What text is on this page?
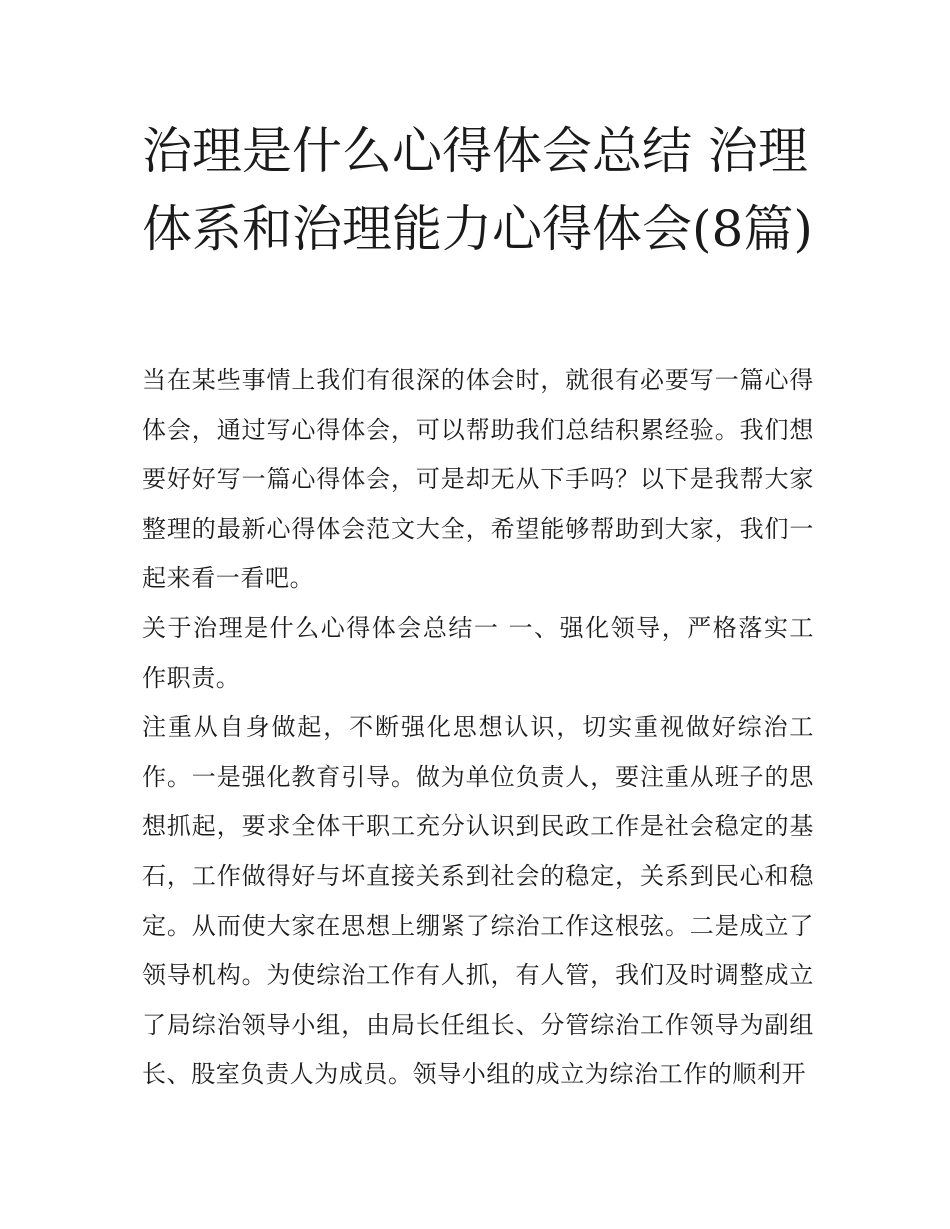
治理是什么心得体会总结 治理体系和治理能力心得体会(8篇)

当在某些事情上我们有很深的体会时，就很有必要写一篇心得体会，通过写心得体会，可以帮助我们总结积累经验。我们想要好好写一篇心得体会，可是却无从下手吗？以下是我帮大家整理的最新心得体会范文大全，希望能够帮助到大家，我们一起来看一看吧。

关于治理是什么心得体会总结一 一、强化领导，严格落实工作职责。

注重从自身做起，不断强化思想认识，切实重视做好综治工作。一是强化教育引导。做为单位负责人，要注重从班子的思想抓起，要求全体干职工充分认识到民政工作是社会稳定的基石，工作做得好与坏直接关系到社会的稳定，关系到民心和稳定。从而使大家在思想上绷紧了综治工作这根弦。二是成立了领导机构。为使综治工作有人抓，有人管，我们及时调整成立了局综治领导小组，由局长任组长、分管综治工作领导为副组长、股室负责人为成员。领导小组的成立为综治工作的顺利开
